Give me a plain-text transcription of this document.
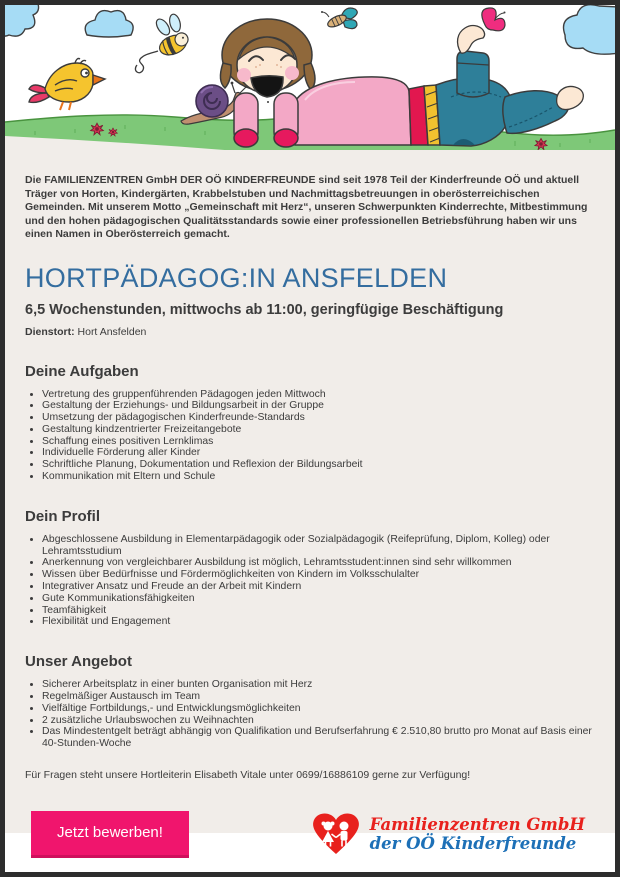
Die FAMILIENZENTREN GmbH DER OÖ KINDERFREUNDE sind seit 1978 Teil der Kinderfreunde OÖ und aktuell Träger von Horten, Kindergärten, Krabbelstuben und Nachmittagsbetreuungen in oberösterreichischen Gemeinden. Mit unserem Motto „Gemeinschaft mit Herz“, unseren Schwerpunkten Kinderrechte, Mitbestimmung und den hohen pädagogischen Qualitätsstandards sowie einer professionellen Betriebsführung haben wir uns einen Namen in Oberösterreich gemacht.

HORTPÄDAGOG:IN ANSFELDEN
6,5 Wochenstunden, mittwochs ab 11:00, geringfügige Beschäftigung
Dienstort: Hort Ansfelden
Deine Aufgaben
• Vertretung des gruppenführenden Pädagogen jeden Mittwoch
• Gestaltung der Erziehungs- und Bildungsarbeit in der Gruppe
• Umsetzung der pädagogischen Kinderfreunde-Standards
• Gestaltung kindzentrierter Freizeitangebote
• Schaffung eines positiven Lernklimas
• Individuelle Förderung aller Kinder
• Schriftliche Planung, Dokumentation und Reflexion der Bildungsarbeit
• Kommunikation mit Eltern und Schule
Dein Profil
• Abgeschlossene Ausbildung in Elementarpädagogik oder Sozialpädagogik (Reifeprüfung, Diplom, Kolleg) oder Lehramtsstudium
• Anerkennung von vergleichbarer Ausbildung ist möglich, Lehramtsstudent:innen sind sehr willkommen
• Wissen über Bedürfnisse und Fördermöglichkeiten von Kindern im Volksschulalter
• Integrativer Ansatz und Freude an der Arbeit mit Kindern
• Gute Kommunikationsfähigkeiten
• Teamfähigkeit
• Flexibilität und Engagement
Unser Angebot
• Sicherer Arbeitsplatz in einer bunten Organisation mit Herz
• Regelmäßiger Austausch im Team
• Vielfältige Fortbildungs,- und Entwicklungsmöglichkeiten
• 2 zusätzliche Urlaubswochen zu Weihnachten
• Das Mindestentgelt beträgt abhängig von Qualifikation und Berufserfahrung € 2.510,80 brutto pro Monat auf Basis einer 40-Stunden-Woche

Für Fragen steht unsere Hortleiterin Elisabeth Vitale unter 0699/16886109 gerne zur Verfügung!

Jetzt bewerben!	Familienzentren GmbH
der OÖ Kinderfreunde
